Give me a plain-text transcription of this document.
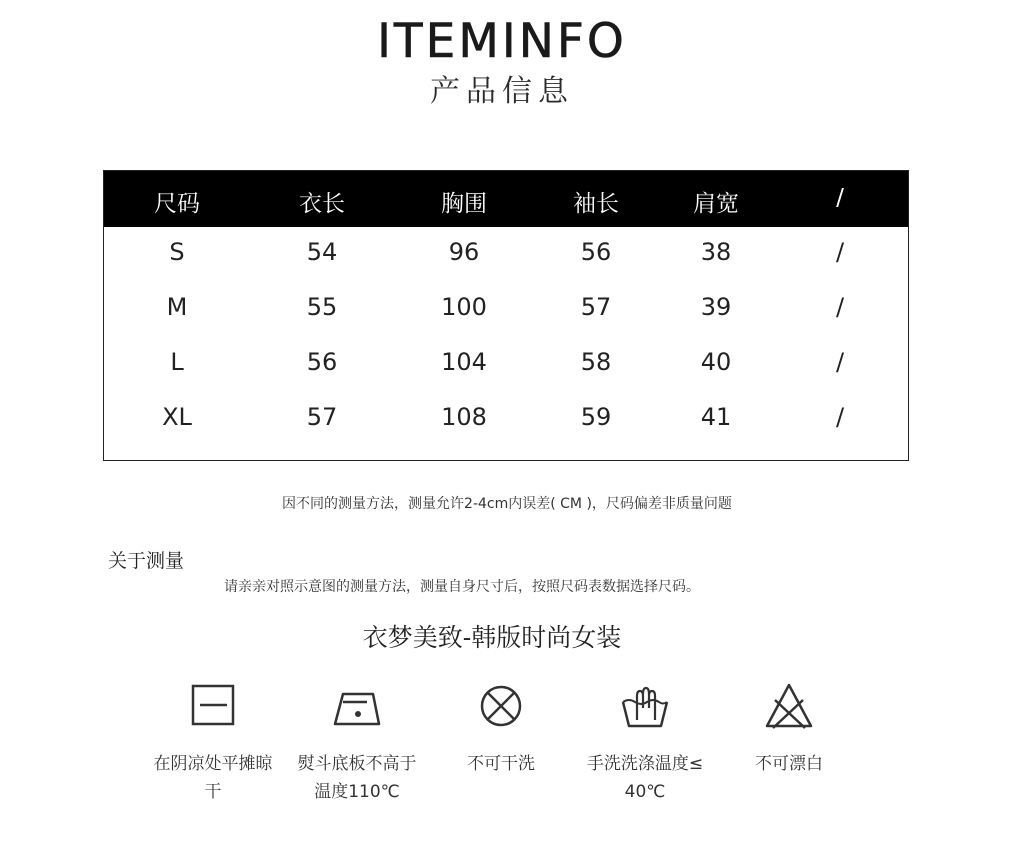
ITEMINFO
产品信息
尺码	衣长	胸围	袖长	肩宽	/
S	54	96	56	38	/
M	55	100	57	39	/
L	56	104	58	40	/
XL	57	108	59	41	/
因不同的测量方法，测量允许2-4cm内误差( CM )，尺码偏差非质量问题
关于测量
请亲亲对照示意图的测量方法，测量自身尺寸后，按照尺码表数据选择尺码。
衣梦美致-韩版时尚女装
在阴凉处平摊晾
干
熨斗底板不高于
温度110℃
不可干洗	手洗洗涤温度≤
40℃
不可漂白
